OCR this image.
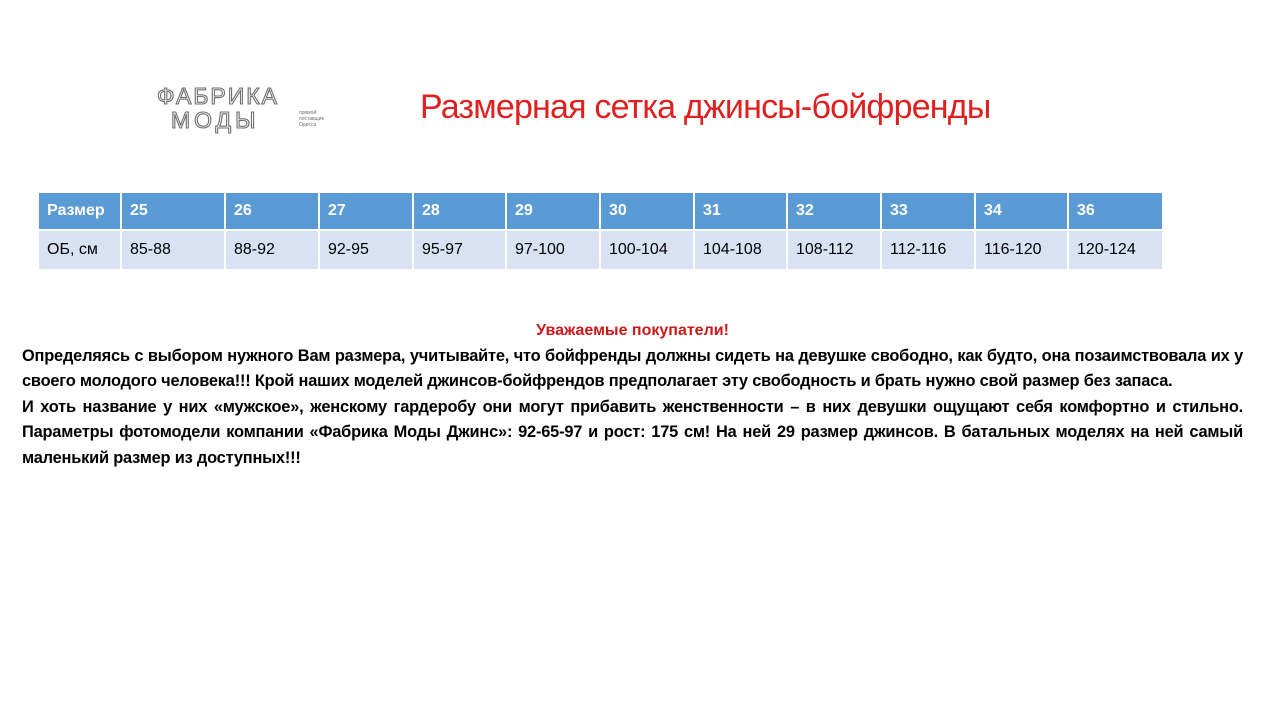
ФАБРИКА
МОДЫ	прямой
поставщик
Одесса	Размерная сетка джинсы-бойфренды
Размер	25	26	27	28	29	30	31	32	33	34	36
ОБ, см	85-88	88-92	92-95	95-97	97-100	100-104	104-108	108-112	112-116	116-120	120-124
Уважаемые покупатели!

Определяясь с выбором нужного Вам размера, учитывайте, что бойфренды должны сидеть на девушке свободно, как будто, она позаимствовала их у своего молодого человека!!! Крой наших моделей джинсов-бойфрендов предполагает эту свободность и брать нужно свой размер без запаса.

И хоть название у них «мужское», женскому гардеробу они могут прибавить женственности – в них девушки ощущают себя комфортно и стильно. Параметры фотомодели компании «Фабрика Моды Джинс»: 92-65-97 и рост: 175 см! На ней 29 размер джинсов. В батальных моделях на ней самый маленький размер из доступных!!!
